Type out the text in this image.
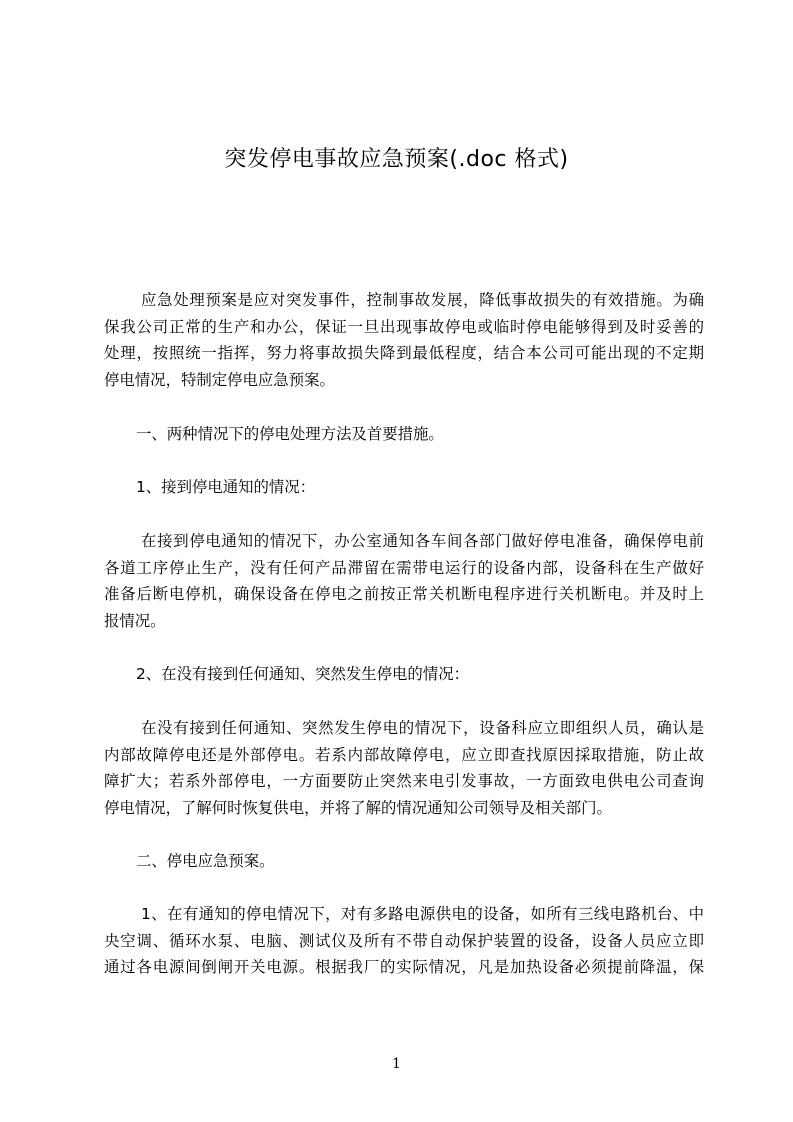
突发停电事故应急预案(.doc 格式)
应急处理预案是应对突发事件，控制事故发展，降低事故损失的有效措施。为确
保我公司正常的生产和办公，保证一旦出现事故停电或临时停电能够得到及时妥善的
处理，按照统一指挥，努力将事故损失降到最低程度，结合本公司可能出现的不定期
停电情况，特制定停电应急预案。
一、两种情况下的停电处理方法及首要措施。
1、接到停电通知的情况：
在接到停电通知的情况下，办公室通知各车间各部门做好停电准备，确保停电前
各道工序停止生产，没有任何产品滞留在需带电运行的设备内部，设备科在生产做好
准备后断电停机，确保设备在停电之前按正常关机断电程序进行关机断电。并及时上
报情况。
2、在没有接到任何通知、突然发生停电的情况：
在没有接到任何通知、突然发生停电的情况下，设备科应立即组织人员，确认是
内部故障停电还是外部停电。若系内部故障停电，应立即查找原因採取措施，防止故
障扩大；若系外部停电，一方面要防止突然来电引发事故，一方面致电供电公司查询
停电情况，了解何时恢复供电，并将了解的情况通知公司领导及相关部门。
二、停电应急预案。
1、在有通知的停电情况下，对有多路电源供电的设备，如所有三线电路机台、中
央空调、循环水泵、电脑、测试仪及所有不带自动保护装置的设备，设备人员应立即
通过各电源间倒闸开关电源。根据我厂的实际情况，凡是加热设备必须提前降温，保
1
